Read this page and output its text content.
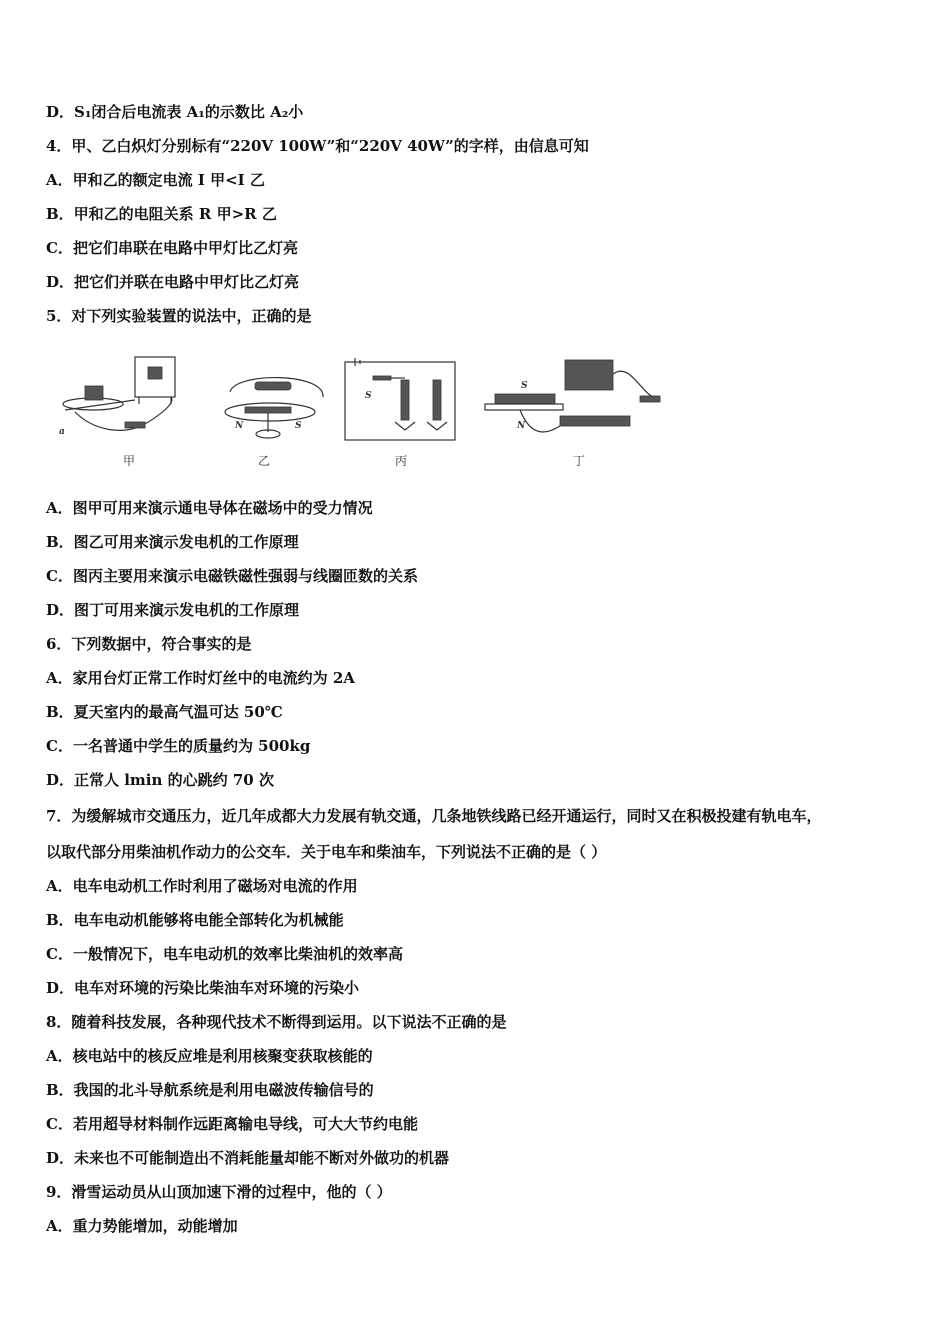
D．S₁闭合后电流表 A₁的示数比 A₂小
4．甲、乙白炽灯分别标有“220V 100W”和“220V 40W”的字样，由信息可知
A．甲和乙的额定电流 I 甲<I 乙
B．甲和乙的电阻关系 R 甲>R 乙
C．把它们串联在电路中甲灯比乙灯亮
D．把它们并联在电路中甲灯比乙灯亮
5．对下列实验装置的说法中，正确的是
a
N	S
S
S
N
甲	乙	丙	丁
A．图甲可用来演示通电导体在磁场中的受力情况
B．图乙可用来演示发电机的工作原理
C．图丙主要用来演示电磁铁磁性强弱与线圈匝数的关系
D．图丁可用来演示发电机的工作原理
6．下列数据中，符合事实的是
A．家用台灯正常工作时灯丝中的电流约为 2A
B．夏天室内的最高气温可达 50℃
C．一名普通中学生的质量约为 500kg
D．正常人 lmin 的心跳约 70 次
7．为缓解城市交通压力，近几年成都大力发展有轨交通，几条地铁线路已经开通运行，同时又在积极投建有轨电车，
以取代部分用柴油机作动力的公交车．关于电车和柴油车，下列说法不正确的是（ ）
A．电车电动机工作时利用了磁场对电流的作用
B．电车电动机能够将电能全部转化为机械能
C．一般情况下，电车电动机的效率比柴油机的效率高
D．电车对环境的污染比柴油车对环境的污染小
8．随着科技发展，各种现代技术不断得到运用。以下说法不正确的是
A．核电站中的核反应堆是利用核聚变获取核能的
B．我国的北斗导航系统是利用电磁波传输信号的
C．若用超导材料制作远距离输电导线，可大大节约电能
D．未来也不可能制造出不消耗能量却能不断对外做功的机器
9．滑雪运动员从山顶加速下滑的过程中，他的（ ）
A．重力势能增加，动能增加
